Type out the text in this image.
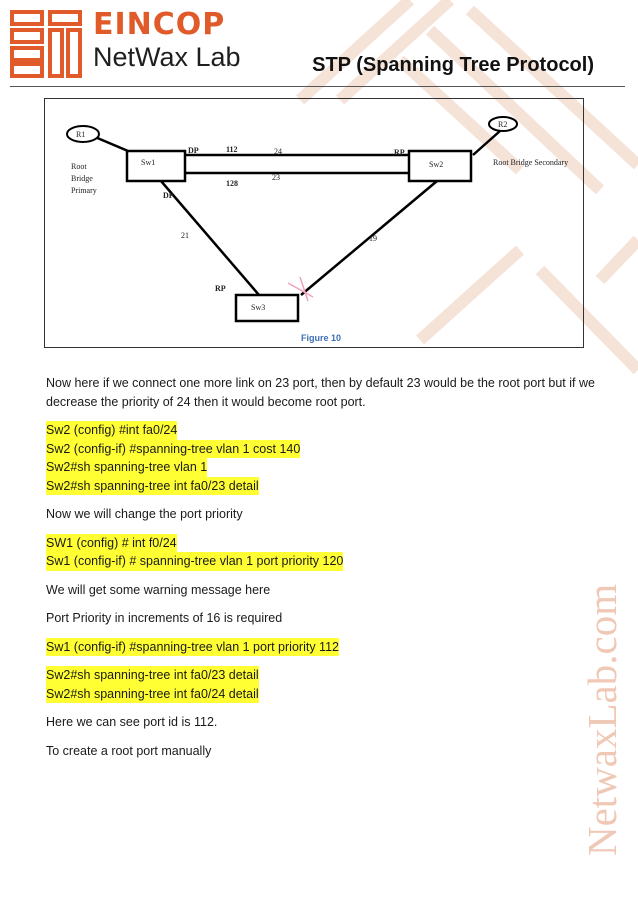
EINCOP
NetWax Lab	STP (Spanning Tree Protocol)
R1
R2
Sw1	Sw2
Sw3
Root
Bridge
Primary
Root Bridge Secondary
DP
DP
RP
RP
112
128
24
23
21	19
Figure 10

Now here if we connect one more link on 23 port, then by default 23 would be the root port but if we decrease the priority of 24 then it would become root port.

Sw2 (config) #int fa0/24
Sw2 (config-if) #spanning-tree vlan 1 cost 140
Sw2#sh spanning-tree vlan 1
Sw2#sh spanning-tree int fa0/23 detail

Now we will change the port priority

SW1 (config) # int f0/24
Sw1 (config-if) # spanning-tree vlan 1 port priority 120

We will get some warning message here

Port Priority in increments of 16 is required

Sw1 (config-if) #spanning-tree vlan 1 port priority 112
Sw2#sh spanning-tree int fa0/23 detail
Sw2#sh spanning-tree int fa0/24 detail

Here we can see port id is 112.

To create a root port manually	NetwaxLab.com
